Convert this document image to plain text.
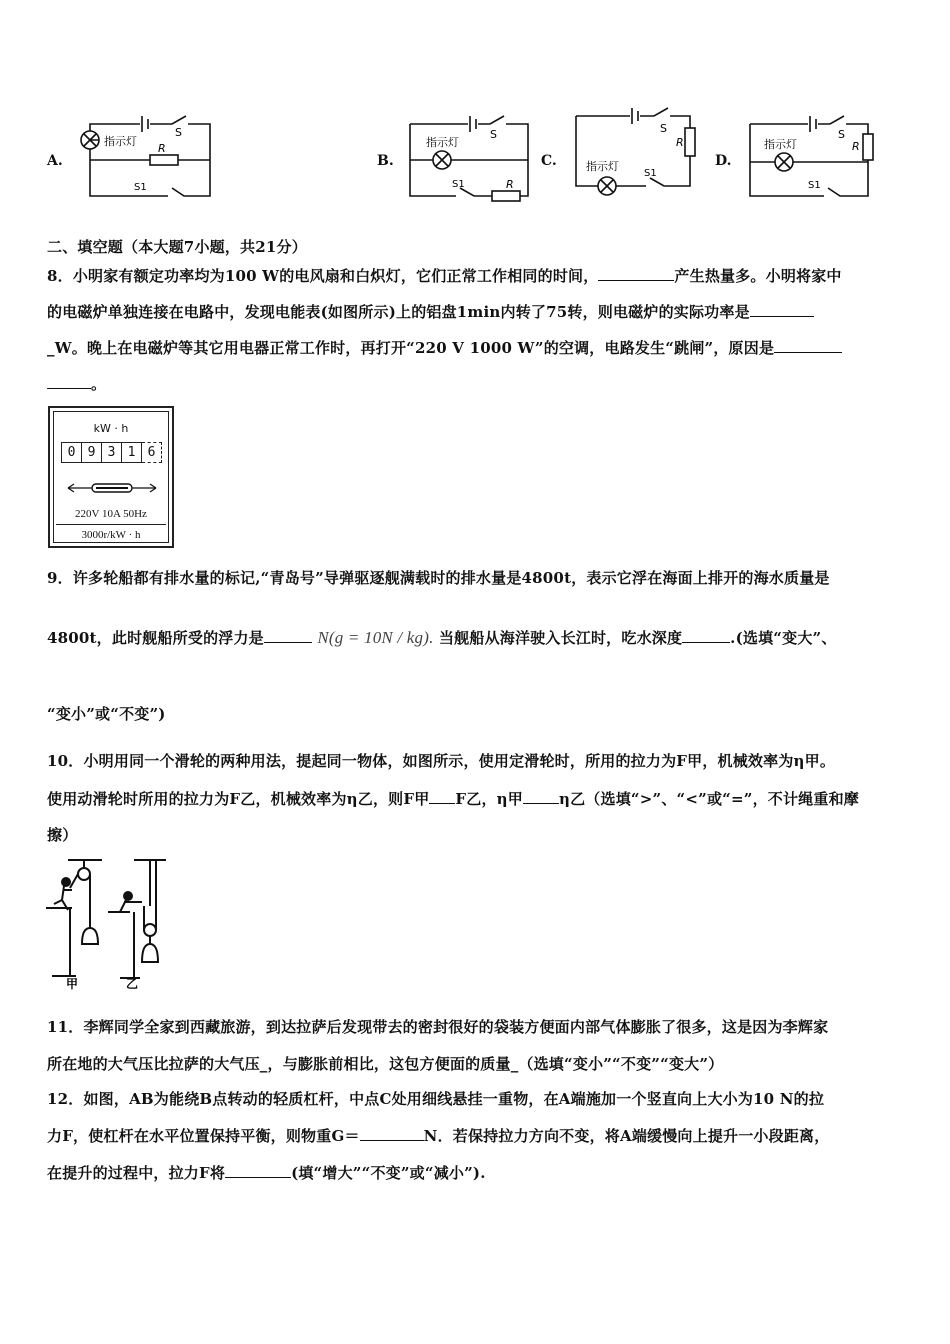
A.
指示灯
S
R
S1
B.
指示灯
S
R
S1
C.	指示灯
S
R
S1
D.
指示灯
S
R
S1
二、填空题（本大题7小题，共21分）
8．小明家有额定功率均为100 W的电风扇和白炽灯，它们正常工作相同的时间，	产生热量多。小明将家中
的电磁炉单独连接在电路中，发现电能表(如图所示)上的铝盘1min内转了75转，则电磁炉的实际功率是
_W。晚上在电磁炉等其它用电器正常工作时，再打开“220 V 1000 W”的空调，电路发生“跳闸”，原因是
。
kW · h
0 9 3 1 6
220V 10A 50Hz
3000r/kW · h
9．许多轮船都有排水量的标记,“青岛号”导弹驱逐舰满载时的排水量是4800t，表示它浮在海面上排开的海水质量是
4800t，此时舰船所受的浮力是	N(g = 10N / kg). 当舰船从海洋驶入长江时，吃水深度	.(选填“变大”、
“变小”或“不变”)
10．小明用同一个滑轮的两种用法，提起同一物体，如图所示，使用定滑轮时，所用的拉力为F甲，机械效率为η甲。
使用动滑轮时所用的拉力为F乙，机械效率为η乙，则F甲 F乙，η甲 η乙（选填“>”、“<”或“=”，不计绳重和摩
擦）
甲	乙
11．李辉同学全家到西藏旅游，到达拉萨后发现带去的密封很好的袋装方便面内部气体膨胀了很多，这是因为李辉家
所在地的大气压比拉萨的大气压_，与膨胀前相比，这包方便面的质量_（选填“变小”“不变”“变大”）
12．如图，AB为能绕B点转动的轻质杠杆，中点C处用细线悬挂一重物，在A端施加一个竖直向上大小为10 N的拉
力F，使杠杆在水平位置保持平衡，则物重G＝	N．若保持拉力方向不变，将A端缓慢向上提升一小段距离，
在提升的过程中，拉力F将	(填“增大”“不变”或“减小”).
